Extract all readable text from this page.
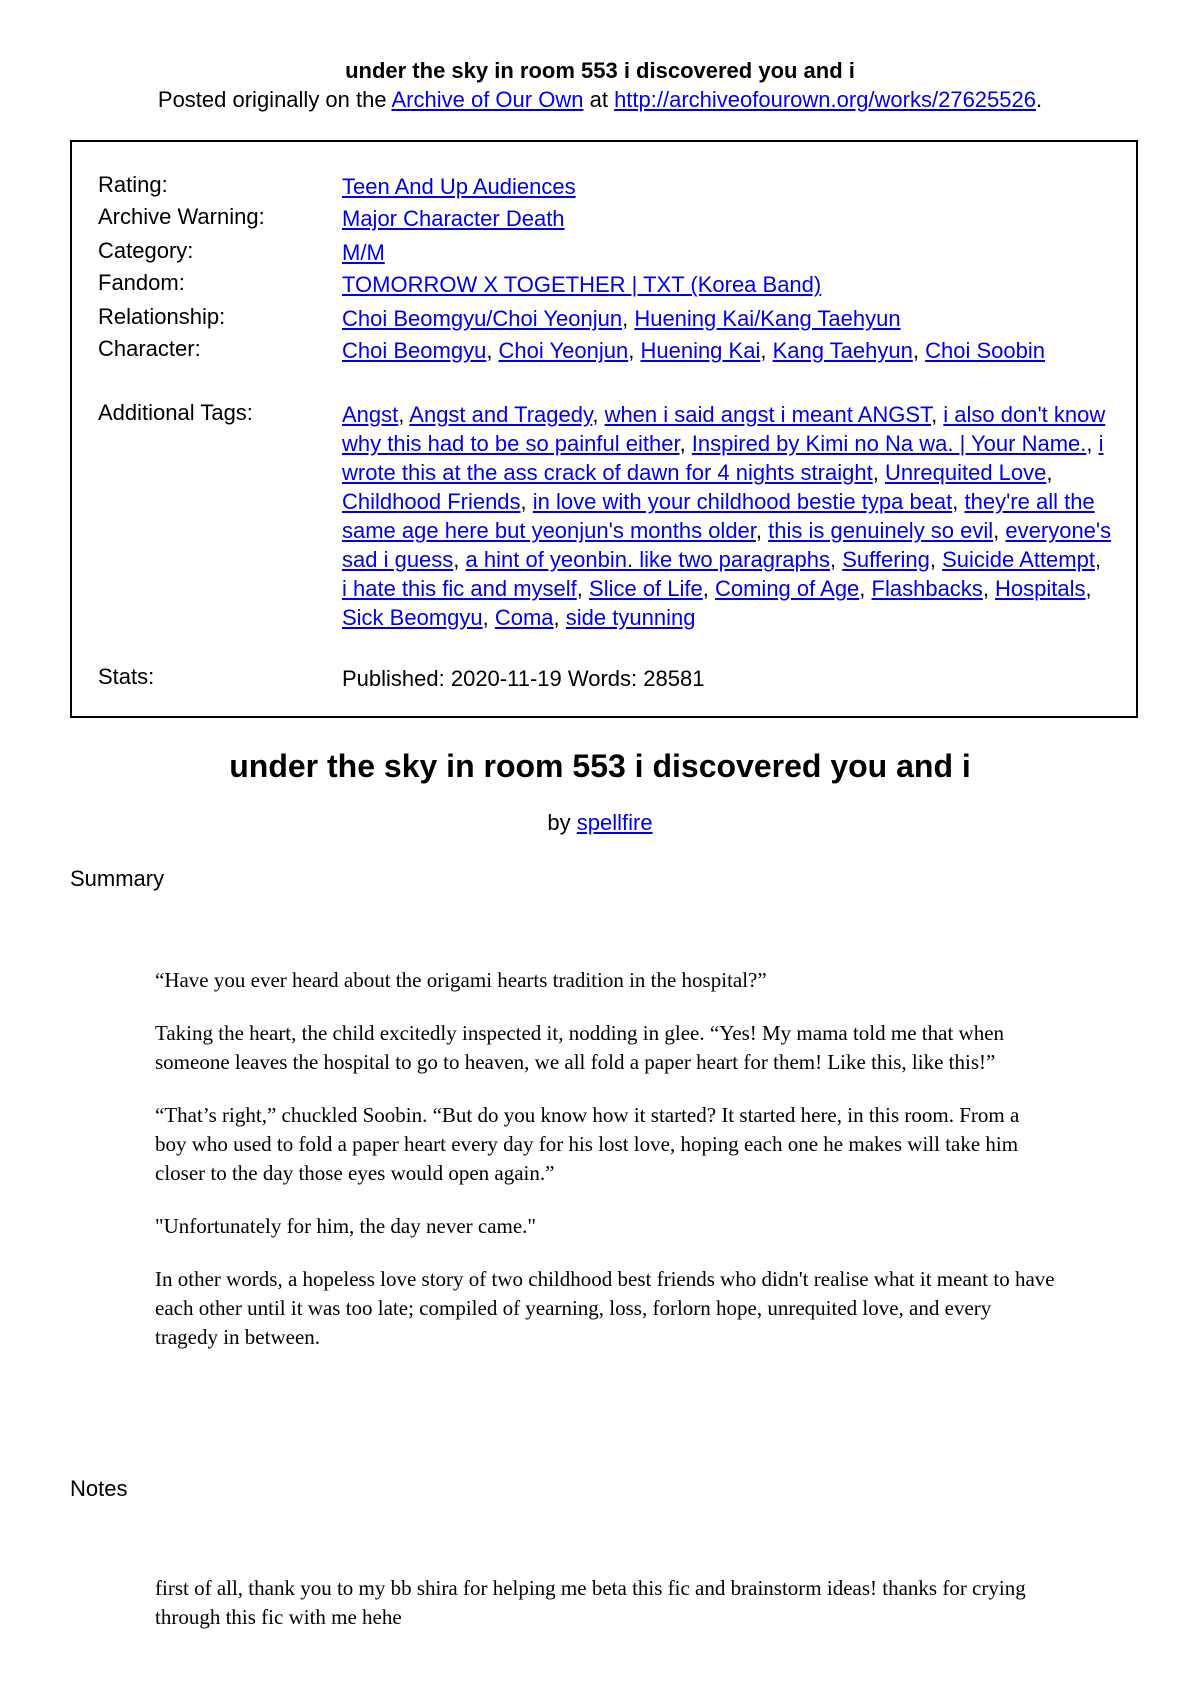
under the sky in room 553 i discovered you and i
Posted originally on the Archive of Our Own at http://archiveofourown.org/works/27625526.
Rating:	Teen And Up Audiences
Archive Warning:	Major Character Death
Category:	M/M
Fandom:	TOMORROW X TOGETHER | TXT (Korea Band)
Relationship:	Choi Beomgyu/Choi Yeonjun, Huening Kai/Kang Taehyun
Character:	Choi Beomgyu, Choi Yeonjun, Huening Kai, Kang Taehyun, Choi Soobin
Additional Tags:	Angst, Angst and Tragedy, when i said angst i meant ANGST, i also don't know why this had to be so painful either, Inspired by Kimi no Na wa. | Your Name., i wrote this at the ass crack of dawn for 4 nights straight, Unrequited Love, Childhood Friends, in love with your childhood bestie typa beat, they're all the same age here but yeonjun's months older, this is genuinely so evil, everyone's sad i guess, a hint of yeonbin. like two paragraphs, Suffering, Suicide Attempt, i hate this fic and myself, Slice of Life, Coming of Age, Flashbacks, Hospitals, Sick Beomgyu, Coma, side tyunning
Stats:	Published: 2020-11-19 Words: 28581
under the sky in room 553 i discovered you and i
by spellfire
Summary

“Have you ever heard about the origami hearts tradition in the hospital?”

Taking the heart, the child excitedly inspected it, nodding in glee. “Yes! My mama told me that when someone leaves the hospital to go to heaven, we all fold a paper heart for them! Like this, like this!”

“That’s right,” chuckled Soobin. “But do you know how it started? It started here, in this room. From a boy who used to fold a paper heart every day for his lost love, hoping each one he makes will take him closer to the day those eyes would open again.”

"Unfortunately for him, the day never came."

In other words, a hopeless love story of two childhood best friends who didn't realise what it meant to have each other until it was too late; compiled of yearning, loss, forlorn hope, unrequited love, and every tragedy in between.

Notes

first of all, thank you to my bb shira for helping me beta this fic and brainstorm ideas! thanks for crying through this fic with me hehe
